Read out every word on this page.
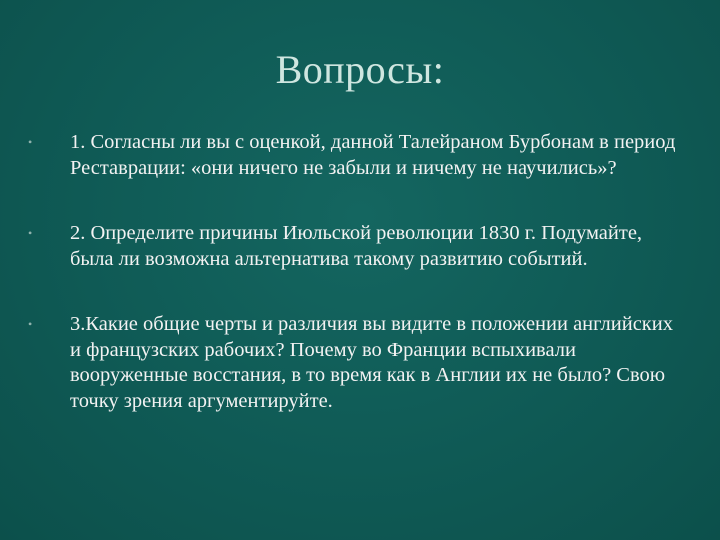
Вопросы:
• 1. Согласны ли вы с оценкой, данной Талейраном Бурбонам в период Реставрации: «они ничего не забыли и ничему не научились»?
• 2. Определите причины Июльской революции 1830 г. Подумайте, была ли возможна альтернатива такому развитию событий.
• 3.Какие общие черты и различия вы видите в положении английских и французских рабочих? Почему во Франции вспыхивали вооруженные восстания, в то время как в Англии их не было? Свою точку зрения аргументируйте.
